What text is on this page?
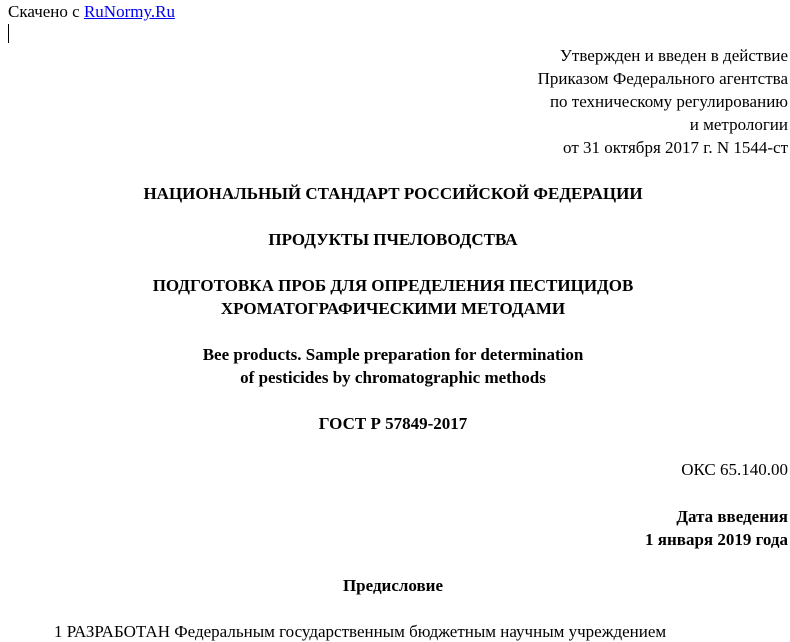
Скачено с RuNormy.Ru
Утвержден и введен в действие
Приказом Федерального агентства
по техническому регулированию
и метрологии
от 31 октября 2017 г. N 1544-ст
НАЦИОНАЛЬНЫЙ СТАНДАРТ РОССИЙСКОЙ ФЕДЕРАЦИИ
ПРОДУКТЫ ПЧЕЛОВОДСТВА
ПОДГОТОВКА ПРОБ ДЛЯ ОПРЕДЕЛЕНИЯ ПЕСТИЦИДОВ
ХРОМАТОГРАФИЧЕСКИМИ МЕТОДАМИ
Bee products. Sample preparation for determination
of pesticides by chromatographic methods
ГОСТ Р 57849-2017
ОКС 65.140.00
Дата введения
1 января 2019 года
Предисловие
1 РАЗРАБОТАН Федеральным государственным бюджетным научным учреждением
